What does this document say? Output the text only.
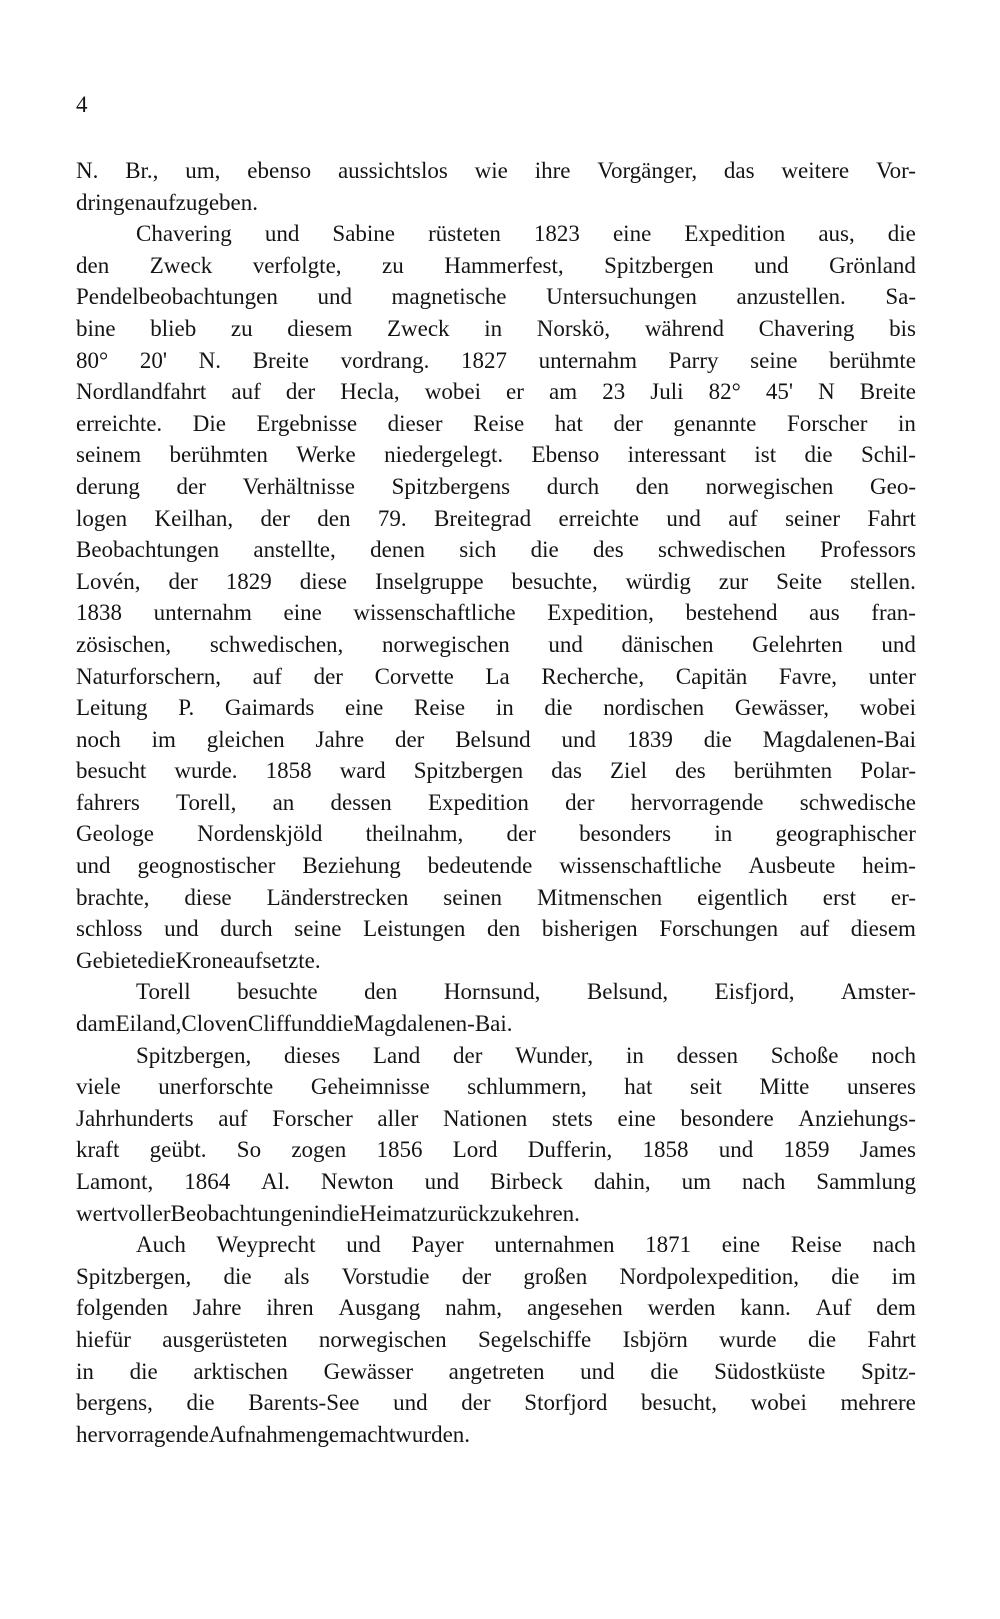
4
N. Br., um, ebenso aussichtslos wie ihre Vorgänger, das weitere Vor-
dringen aufzugeben.
Chavering und Sabine rüsteten 1823 eine Expedition aus, die
den Zweck verfolgte, zu Hammerfest, Spitzbergen und Grönland
Pendelbeobachtungen und magnetische Untersuchungen anzustellen. Sa-
bine blieb zu diesem Zweck in Norskö, während Chavering bis
80° 20' N. Breite vordrang. 1827 unternahm Parry seine berühmte
Nordlandfahrt auf der Hecla, wobei er am 23 Juli 82° 45' N Breite
erreichte. Die Ergebnisse dieser Reise hat der genannte Forscher in
seinem berühmten Werke niedergelegt. Ebenso interessant ist die Schil-
derung der Verhältnisse Spitzbergens durch den norwegischen Geo-
logen Keilhan, der den 79. Breitegrad erreichte und auf seiner Fahrt
Beobachtungen anstellte, denen sich die des schwedischen Professors
Lovén, der 1829 diese Inselgruppe besuchte, würdig zur Seite stellen.
1838 unternahm eine wissenschaftliche Expedition, bestehend aus fran-
zösischen, schwedischen, norwegischen und dänischen Gelehrten und
Naturforschern, auf der Corvette La Recherche, Capitän Favre, unter
Leitung P. Gaimards eine Reise in die nordischen Gewässer, wobei
noch im gleichen Jahre der Belsund und 1839 die Magdalenen-Bai
besucht wurde. 1858 ward Spitzbergen das Ziel des berühmten Polar-
fahrers Torell, an dessen Expedition der hervorragende schwedische
Geologe Nordenskjöld theilnahm, der besonders in geographischer
und geognostischer Beziehung bedeutende wissenschaftliche Ausbeute heim-
brachte, diese Länderstrecken seinen Mitmenschen eigentlich erst er-
schloss und durch seine Leistungen den bisherigen Forschungen auf diesem
Gebiete die Krone aufsetzte.
Torell besuchte den Hornsund, Belsund, Eisfjord, Amster-
dam Eiland, Cloven Cliff und die Magdalenen-Bai.
Spitzbergen, dieses Land der Wunder, in dessen Schoße noch
viele unerforschte Geheimnisse schlummern, hat seit Mitte unseres
Jahrhunderts auf Forscher aller Nationen stets eine besondere Anziehungs-
kraft geübt. So zogen 1856 Lord Dufferin, 1858 und 1859 James
Lamont, 1864 Al. Newton und Birbeck dahin, um nach Sammlung
wertvoller Beobachtungen in die Heimat zurückzukehren.
Auch Weyprecht und Payer unternahmen 1871 eine Reise nach
Spitzbergen, die als Vorstudie der großen Nordpolexpedition, die im
folgenden Jahre ihren Ausgang nahm, angesehen werden kann. Auf dem
hiefür ausgerüsteten norwegischen Segelschiffe Isbjörn wurde die Fahrt
in die arktischen Gewässer angetreten und die Südostküste Spitz-
bergens, die Barents-See und der Storfjord besucht, wobei mehrere
hervorragende Aufnahmen gemacht wurden.
